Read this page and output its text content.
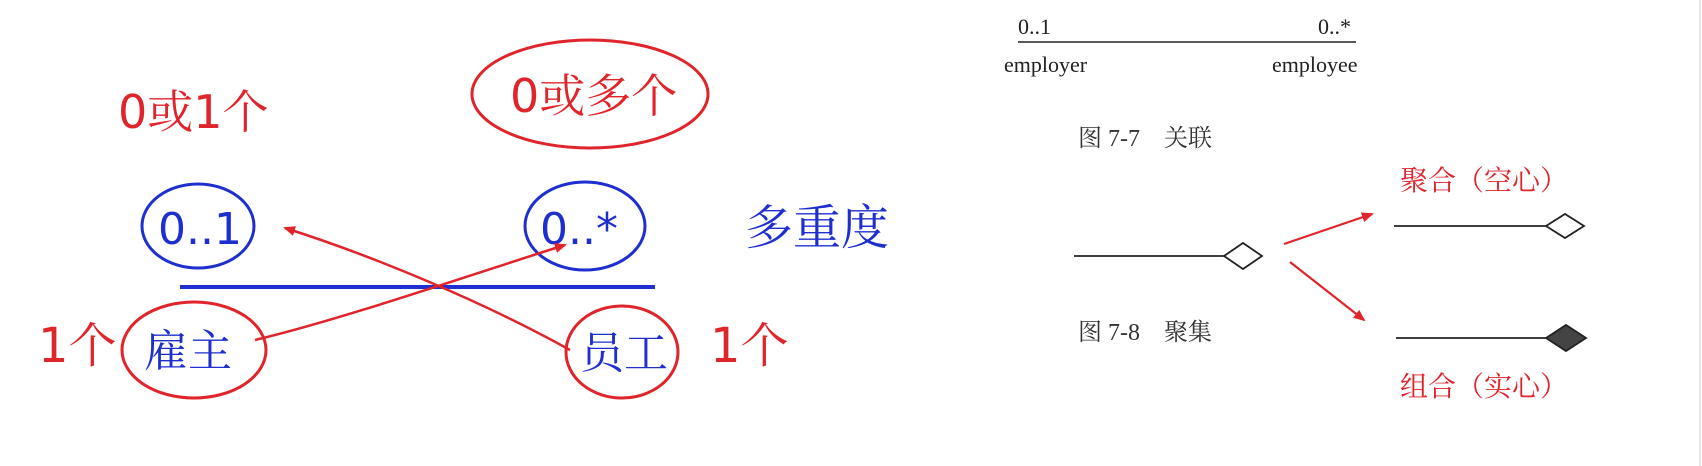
0或1个	0或多个
0..1	0..*	多重度
1个 雇主	员工 1个
0..1	0..*
employer	employee
图 7-7　关联
图 7-8　聚集
聚合（空心）
组合（实心）
